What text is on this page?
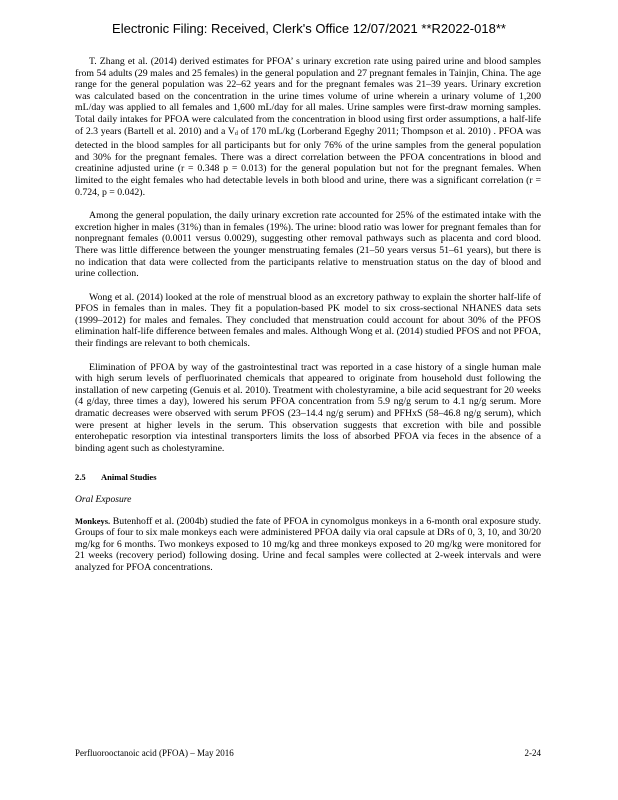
Electronic Filing: Received, Clerk's Office 12/07/2021 **R2022-018**

T. Zhang et al. (2014) derived estimates for PFOA’ s urinary excretion rate using paired urine and blood samples from 54 adults (29 males and 25 females) in the general population and 27 pregnant females in Tainjin, China. The age range for the general population was 22–62 years and for the pregnant females was 21–39 years. Urinary excretion was calculated based on the concentration in the urine times volume of urine wherein a urinary volume of 1,200 mL/day was applied to all females and 1,600 mL/day for all males. Urine samples were first-draw morning samples. Total daily intakes for PFOA were calculated from the concentration in blood using first order assumptions, a half-life of 2.3 years (Bartell et al. 2010) and a $V_d$ of 170 mL/kg (Lorberand Egeghy 2011; Thompson et al. 2010) . PFOA was detected in the blood samples for all participants but for only 76% of the urine samples from the general population and 30% for the pregnant females. There was a direct correlation between the PFOA concentrations in blood and creatinine adjusted urine (r = 0.348 p = 0.013) for the general population but not for the pregnant females. When limited to the eight females who had detectable levels in both blood and urine, there was a significant correlation (r = 0.724, p = 0.042).

Among the general population, the daily urinary excretion rate accounted for 25% of the estimated intake with the excretion higher in males (31%) than in females (19%). The urine: blood ratio was lower for pregnant females than for nonpregnant females (0.0011 versus 0.0029), suggesting other removal pathways such as placenta and cord blood. There was little difference between the younger menstruating females (21–50 years versus 51–61 years), but there is no indication that data were collected from the participants relative to menstruation status on the day of blood and urine collection.

Wong et al. (2014) looked at the role of menstrual blood as an excretory pathway to explain the shorter half-life of PFOS in females than in males. They fit a population-based PK model to six cross-sectional NHANES data sets (1999–2012) for males and females. They concluded that menstruation could account for about 30% of the PFOS elimination half-life difference between females and males. Although Wong et al. (2014) studied PFOS and not PFOA, their findings are relevant to both chemicals.

Elimination of PFOA by way of the gastrointestinal tract was reported in a case history of a single human male with high serum levels of perfluorinated chemicals that appeared to originate from household dust following the installation of new carpeting (Genuis et al. 2010). Treatment with cholestyramine, a bile acid sequestrant for 20 weeks (4 g/day, three times a day), lowered his serum PFOA concentration from 5.9 ng/g serum to 4.1 ng/g serum. More dramatic decreases were observed with serum PFOS (23–14.4 ng/g serum) and PFHxS (58–46.8 ng/g serum), which were present at higher levels in the serum. This observation suggests that excretion with bile and possible enterohepatic resorption via intestinal transporters limits the loss of absorbed PFOA via feces in the absence of a binding agent such as cholestyramine.

2.5 Animal Studies
Oral Exposure

Monkeys. Butenhoff et al. (2004b) studied the fate of PFOA in cynomolgus monkeys in a 6-month oral exposure study. Groups of four to six male monkeys each were administered PFOA daily via oral capsule at DRs of 0, 3, 10, and 30/20 mg/kg for 6 months. Two monkeys exposed to 10 mg/kg and three monkeys exposed to 20 mg/kg were monitored for 21 weeks (recovery period) following dosing. Urine and fecal samples were collected at 2-week intervals and were analyzed for PFOA concentrations.

Perfluorooctanoic acid (PFOA) – May 2016	2-24
